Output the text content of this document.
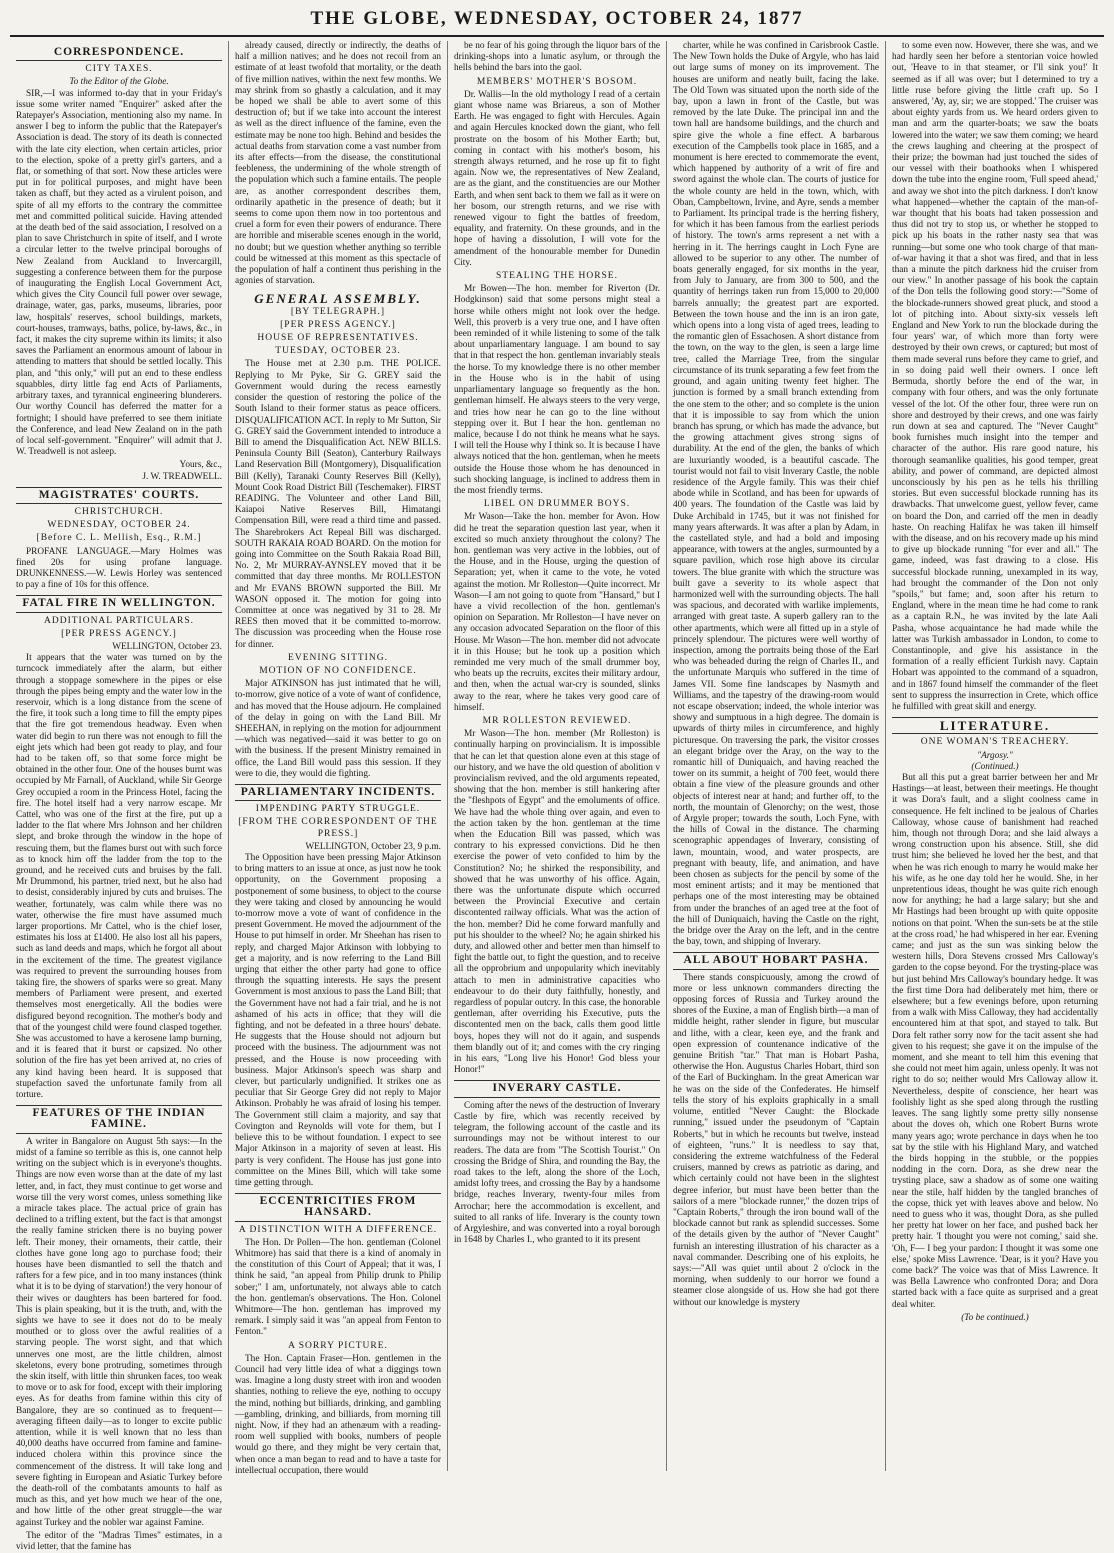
THE GLOBE, WEDNESDAY, OCTOBER 24, 1877
CORRESPONDENCE.
CITY TAXES.
To the Editor of the Globe.

SIR,—I was informed to-day that in your Friday's issue some writer named "Enquirer" asked after the Ratepayer's Association, mentioning also my name. In answer I beg to inform the public that the Ratepayer's Association is dead. The story of its death is connected with the late city election, when certain articles, prior to the election, spoke of a pretty girl's garters, and a flat, or something of that sort. Now these articles were put in for political purposes, and might have been taken as chaff, but they acted as a virulent poison, and spite of all my efforts to the contrary the committee met and committed political suicide. Having attended at the death bed of the said association, I resolved on a plan to save Christchurch in spite of itself, and I wrote a circular letter to the twelve principal boroughs of New Zealand from Auckland to Invercargill, suggesting a conference between them for the purpose of inaugurating the English Local Government Act, which gives the City Council full power over sewage, drainage, water, gas, parks, museums, libraries, poor law, hospitals' reserves, school buildings, markets, court-houses, tramways, baths, police, by-laws, &c., in fact, it makes the city supreme within its limits; it also saves the Parliament an enormous amount of labour in attending to matters that should be settled locally. This plan, and "this only," will put an end to these endless squabbles, dirty little fag end Acts of Parliaments, arbitrary taxes, and tyrannical engineering blunderers. Our worthy Council has deferred the matter for a fortnight; I should have preferred to see them initiate the Conference, and lead New Zealand on in the path of local self-government. "Enquirer" will admit that J. W. Treadwell is not asleep.

Yours, &c.,
J. W. TREADWELL.
MAGISTRATES' COURTS.
CHRISTCHURCH.
WEDNESDAY, OCTOBER 24.
[Before C. L. Mellish, Esq., R.M.]

PROFANE LANGUAGE.—Mary Holmes was fined 20s for using profane language. DRUNKENNESS.—W. Lewis Horley was sentenced to pay a fine of 10s for this offence.

FATAL FIRE IN WELLINGTON.
ADDITIONAL PARTICULARS.
[PER PRESS AGENCY.]
WELLINGTON, October 23.

It appears that the water was turned on by the turncock immediately after the alarm, but either through a stoppage somewhere in the pipes or else through the pipes being empty and the water low in the reservoir, which is a long distance from the scene of the fire, it took such a long time to fill the empty pipes that the fire got tremendous headway. Even when water did begin to run there was not enough to fill the eight jets which had been got ready to play, and four had to be taken off, so that some force might be obtained in the other four. One of the houses burnt was occupied by Mr Farnall, of Auckland, while Sir George Grey occupied a room in the Princess Hotel, facing the fire. The hotel itself had a very narrow escape. Mr Cattel, who was one of the first at the fire, put up a ladder to the flat where Mrs Johnson and her children slept, and broke through the window in the hope of rescuing them, but the flames burst out with such force as to knock him off the ladder from the top to the ground, and he received cuts and bruises by the fall. Mr Drummond, his partner, tried next, but he also had to desist, considerably injured by cuts and bruises. The weather, fortunately, was calm while there was no water, otherwise the fire must have assumed much larger proportions. Mr Cattel, who is the chief loser, estimates his loss at £1400. He also lost all his papers, such as land deeds and maps, which he forgot all about in the excitement of the time. The greatest vigilance was required to prevent the surrounding houses from taking fire, the showers of sparks were so great. Many members of Parliament were present, and exerted themselves most energetically. All the bodies were disfigured beyond recognition. The mother's body and that of the youngest child were found clasped together. She was accustomed to have a kerosene lamp burning, and it is feared that it burst or capsized. No other solution of the fire has yet been arrived at, no cries of any kind having been heard. It is supposed that stupefaction saved the unfortunate family from all torture.

FEATURES OF THE INDIAN FAMINE.

A writer in Bangalore on August 5th says:—In the midst of a famine so terrible as this is, one cannot help writing on the subject which is in everyone's thoughts. Things are now even worse than at the date of my last letter, and, in fact, they must continue to get worse and worse till the very worst comes, unless something like a miracle takes place. The actual price of grain has declined to a trifling extent, but the fact is that amongst the really famine stricken there is no buying power left. Their money, their ornaments, their cattle, their clothes have gone long ago to purchase food; their houses have been dismantled to sell the thatch and rafters for a few pice, and in too many instances (think what it is to be dying of starvation!) the very honour of their wives or daughters has been bartered for food. This is plain speaking, but it is the truth, and, with the sights we have to see it does not do to be mealy mouthed or to gloss over the awful realities of a starving people. The worst sight, and that which unnerves one most, are the little children, almost skeletons, every bone protruding, sometimes through the skin itself, with little thin shrunken faces, too weak to move or to ask for food, except with their imploring eyes. As for deaths from famine within this city of Bangalore, they are so continued as to frequent—averaging fifteen daily—as to longer to excite public attention, while it is well known that no less than 40,000 deaths have occurred from famine and famine-induced cholera within this province since the commencement of the distress. It will take long and severe fighting in European and Asiatic Turkey before the death-roll of the combatants amounts to half as much as this, and yet how much we hear of the one, and how little of the other great struggle—the war against Turkey and the nobler war against Famine.

The editor of the "Madras Times" estimates, in a vivid letter, that the famine has

already caused, directly or indirectly, the deaths of half a million natives; and he does not recoil from an estimate of at least twofold that mortality, or the death of five million natives, within the next few months. We may shrink from so ghastly a calculation, and it may be hoped we shall be able to avert some of this destruction of; but if we take into account the interest as well as the direct influence of the famine, even the estimate may be none too high. Behind and besides the actual deaths from starvation come a vast number from its after effects—from the disease, the constitutional feebleness, the undermining of the whole strength of the population which such a famine entails. The people are, as another correspondent describes them, ordinarily apathetic in the presence of death; but it seems to come upon them now in too portentous and cruel a form for even their powers of endurance. There are horrible and miserable scenes enough in the world, no doubt; but we question whether anything so terrible could be witnessed at this moment as this spectacle of the population of half a continent thus perishing in the agonies of starvation.

GENERAL ASSEMBLY.
[BY TELEGRAPH.]
[PER PRESS AGENCY.]
HOUSE OF REPRESENTATIVES.
TUESDAY, OCTOBER 23.

The House met at 2.30 p.m. THE POLICE. Replying to Mr Pyke, Sir G. GREY said the Government would during the recess earnestly consider the question of restoring the police of the South Island to their former status as peace officers. DISQUALIFICATION ACT. In reply to Mr Sutton, Sir G. GREY said the Government intended to introduce a Bill to amend the Disqualification Act. NEW BILLS. Peninsula County Bill (Seaton), Canterbury Railways Land Reservation Bill (Montgomery), Disqualification Bill (Kelly), Taranaki County Reserves Bill (Kelly), Mount Cook Road District Bill (Teschemaker). FIRST READING. The Volunteer and other Land Bill, Kaiapoi Native Reserves Bill, Himatangi Compensation Bill, were read a third time and passed. The Sharebrokers Act Repeal Bill was discharged. SOUTH RAKAIA ROAD BOARD. On the motion for going into Committee on the South Rakaia Road Bill, No. 2, Mr MURRAY-AYNSLEY moved that it be committed that day three months. Mr ROLLESTON and Mr EVANS BROWN supported the Bill. Mr WASON opposed it. The motion for going into Committee at once was negatived by 31 to 28. Mr REES then moved that it be committed to-morrow. The discussion was proceeding when the House rose for dinner.

EVENING SITTING.
MOTION OF NO CONFIDENCE.

Major ATKINSON has just intimated that he will, to-morrow, give notice of a vote of want of confidence, and has moved that the House adjourn. He complained of the delay in going on with the Land Bill. Mr SHEEHAN, in replying on the motion for adjournment—which was negatived—said it was better to go on with the business. If the present Ministry remained in office, the Land Bill would pass this session. If they were to die, they would die fighting.

PARLIAMENTARY INCIDENTS.
IMPENDING PARTY STRUGGLE.
[FROM THE CORRESPONDENT OF THE PRESS.]
WELLINGTON, October 23, 9 p.m.

The Opposition have been pressing Major Atkinson to bring matters to an issue at once, as just now he took opportunity, on the Government proposing a postponement of some business, to object to the course they were taking and closed by announcing he would to-morrow move a vote of want of confidence in the present Government. He moved the adjournment of the House to put himself in order. Mr Sheehan has risen to reply, and charged Major Atkinson with lobbying to get a majority, and is now referring to the Land Bill urging that either the other party had gone to office through the squatting interests. He says the present Government is most anxious to pass the Land Bill; that the Government have not had a fair trial, and he is not ashamed of his acts in office; that they will die fighting, and not be defeated in a three hours' debate. He suggests that the House should not adjourn but proceed with the business. The adjournment was not pressed, and the House is now proceeding with business. Major Atkinson's speech was sharp and clever, but particularly undignified. It strikes one as peculiar that Sir George Grey did not reply to Major Atkinson. Probably he was afraid of losing his temper. The Government still claim a majority, and say that Covington and Reynolds will vote for them, but I believe this to be without foundation. I expect to see Major Atkinson in a majority of seven at least. His party is very confident. The House has just gone into committee on the Mines Bill, which will take some time getting through.

ECCENTRICITIES FROM HANSARD.
A DISTINCTION WITH A DIFFERENCE.

The Hon. Dr Pollen—The hon. gentleman (Colonel Whitmore) has said that there is a kind of anomaly in the constitution of this Court of Appeal; that it was, I think he said, "an appeal from Philip drunk to Philip sober;" I am, unfortunately, not always able to catch the hon. gentleman's observations. The Hon. Colonel Whitmore—The hon. gentleman has improved my remark. I simply said it was "an appeal from Fenton to Fenton."

A SORRY PICTURE.

The Hon. Captain Fraser—Hon. gentlemen in the Council had very little idea of what a diggings town was. Imagine a long dusty street with iron and wooden shanties, nothing to relieve the eye, nothing to occupy the mind, nothing but billiards, drinking, and gambling—gambling, drinking, and billiards, from morning till night. Now, if they had an athenæum with a reading-room well supplied with books, numbers of people would go there, and they might be very certain that, when once a man began to read and to have a taste for intellectual occupation, there would

be no fear of his going through the liquor bars of the drinking-shops into a lunatic asylum, or through the hells behind the bars into the gaol.

MEMBERS' MOTHER'S BOSOM.

Dr. Wallis—In the old mythology I read of a certain giant whose name was Briareus, a son of Mother Earth. He was engaged to fight with Hercules. Again and again Hercules knocked down the giant, who fell prostrate on the bosom of his Mother Earth; but, coming in contact with his mother's bosom, his strength always returned, and he rose up fit to fight again. Now we, the representatives of New Zealand, are as the giant, and the constituencies are our Mother Earth, and when sent back to them we fall as it were on her bosom, our strength returns, and we rise with renewed vigour to fight the battles of freedom, equality, and fraternity. On these grounds, and in the hope of having a dissolution, I will vote for the amendment of the honourable member for Dunedin City.

STEALING THE HORSE.

Mr Bowen—The hon. member for Riverton (Dr. Hodgkinson) said that some persons might steal a horse while others might not look over the hedge. Well, this proverb is a very true one, and I have often been reminded of it while listening to some of the talk about unparliamentary language. I am bound to say that in that respect the hon. gentleman invariably steals the horse. To my knowledge there is no other member in the House who is in the habit of using unparliamentary language so frequently as the hon. gentleman himself. He always steers to the very verge, and tries how near he can go to the line without stepping over it. But I hear the hon. gentleman no malice, because I do not think he means what he says. I will tell the House why I think so. It is because I have always noticed that the hon. gentleman, when he meets outside the House those whom he has denounced in such shocking language, is inclined to address them in the most friendly terms.

LIBEL ON DRUMMER BOYS.

Mr Wason—Take the hon. member for Avon. How did he treat the separation question last year, when it excited so much anxiety throughout the colony? The hon. gentleman was very active in the lobbies, out of the House, and in the House, urging the question of Separation; yet, when it came to the vote, he voted against the motion. Mr Rolleston—Quite incorrect. Mr Wason—I am not going to quote from "Hansard," but I have a vivid recollection of the hon. gentleman's opinion on Separation. Mr Rolleston—I have never on any occasion advocated Separation on the floor of this House. Mr Wason—The hon. member did not advocate it in this House; but he took up a position which reminded me very much of the small drummer boy, who beats up the recruits, excites their military ardour, and then, when the actual war-cry is sounded, slinks away to the rear, where he takes very good care of himself.

MR ROLLESTON REVIEWED.

Mr Wason—The hon. member (Mr Rolleston) is continually harping on provincialism. It is impossible that he can let that question alone even at this stage of our history, and we have the old question of abolition v provincialism revived, and the old arguments repeated, showing that the hon. member is still hankering after the "fleshpots of Egypt" and the emoluments of office. We have had the whole thing over again, and even to the action taken by the hon. gentleman at the time when the Education Bill was passed, which was contrary to his expressed convictions. Did he then exercise the power of veto confided to him by the Constitution? No; he shirked the responsibility, and showed that he was unworthy of his office. Again, there was the unfortunate dispute which occurred between the Provincial Executive and certain discontented railway officials. What was the action of the hon. member? Did he come forward manfully and put his shoulder to the wheel? No; he again shirked his duty, and allowed other and better men than himself to fight the battle out, to fight the question, and to receive all the opprobrium and unpopularity which inevitably attach to men in administrative capacities who endeavour to do their duty faithfully, honestly, and regardless of popular outcry. In this case, the honorable gentleman, after overriding his Executive, puts the discontented men on the back, calls them good little boys, hopes they will not do it again, and suspends them blandly out of it; and comes with the cry ringing in his ears, "Long live his Honor! God bless your Honor!"

INVERARY CASTLE.

Coming after the news of the destruction of Inverary Castle by fire, which was recently received by telegram, the following account of the castle and its surroundings may not be without interest to our readers. The data are from "The Scottish Tourist." On crossing the Bridge of Shira, and rounding the Bay, the road takes to the left, along the shore of the Loch, amidst lofty trees, and crossing the Bay by a handsome bridge, reaches Inverary, twenty-four miles from Arrochar; here the accommodation is excellent, and suited to all ranks of life. Inverary is the county town of Argyleshire, and was converted into a royal borough in 1648 by Charles I., who granted to it its present

charter, while he was confined in Carisbrook Castle. The New Town holds the Duke of Argyle, who has laid out large sums of money on its improvement. The houses are uniform and neatly built, facing the lake. The Old Town was situated upon the north side of the bay, upon a lawn in front of the Castle, but was removed by the late Duke. The principal inn and the town hall are handsome buildings, and the church and spire give the whole a fine effect. A barbarous execution of the Campbells took place in 1685, and a monument is here erected to commemorate the event, which happened by authority of a writ of fire and sword against the whole clan. The courts of justice for the whole county are held in the town, which, with Oban, Campbeltown, Irvine, and Ayre, sends a member to Parliament. Its principal trade is the herring fishery, for which it has been famous from the earliest periods of history. The town's arms represent a net with a herring in it. The herrings caught in Loch Fyne are allowed to be superior to any other. The number of boats generally engaged, for six months in the year, from July to January, are from 300 to 500, and the quantity of herrings taken run from 15,000 to 20,000 barrels annually; the greatest part are exported. Between the town house and the inn is an iron gate, which opens into a long vista of aged trees, leading to the romantic glen of Essachosen. A short distance from the town, on the way to the glen, is seen a large lime tree, called the Marriage Tree, from the singular circumstance of its trunk separating a few feet from the ground, and again uniting twenty feet higher. The junction is formed by a small branch extending from the one stem to the other; and so complete is the union that it is impossible to say from which the union branch has sprung, or which has made the advance, but the growing attachment gives strong signs of durability. At the end of the glen, the banks of which are luxuriantly wooded, is a beautiful cascade. The tourist would not fail to visit Inverary Castle, the noble residence of the Argyle family. This was their chief abode while in Scotland, and has been for upwards of 400 years. The foundation of the Castle was laid by Duke Archibald in 1745, but it was not finished for many years afterwards. It was after a plan by Adam, in the castellated style, and had a bold and imposing appearance, with towers at the angles, surmounted by a square pavilion, which rose high above its circular towers. The blue granite with which the structure was built gave a severity to its whole aspect that harmonized well with the surrounding objects. The hall was spacious, and decorated with warlike implements, arranged with great taste. A superb gallery ran to the other apartments, which were all fitted up in a style of princely splendour. The pictures were well worthy of inspection, among the portraits being those of the Earl who was beheaded during the reign of Charles II., and the unfortunate Marquis who suffered in the time of James VII. Some fine landscapes by Nasmyth and Williams, and the tapestry of the drawing-room would not escape observation; indeed, the whole interior was showy and sumptuous in a high degree. The domain is upwards of thirty miles in circumference, and highly picturesque. On traversing the park, the visitor crosses an elegant bridge over the Aray, on the way to the romantic hill of Duniquaich, and having reached the tower on its summit, a height of 700 feet, would there obtain a fine view of the pleasure grounds and other objects of interest near at hand; and further off, to the north, the mountain of Glenorchy; on the west, those of Argyle proper; towards the south, Loch Fyne, with the hills of Cowal in the distance. The charming scenographic appendages of Inverary, consisting of lawn, mountain, wood, and water prospects, are pregnant with beauty, life, and animation, and have been chosen as subjects for the pencil by some of the most eminent artists; and it may be mentioned that perhaps one of the most interesting may be obtained from under the branches of an aged tree at the foot of the hill of Duniquaich, having the Castle on the right, the bridge over the Aray on the left, and in the centre the bay, town, and shipping of Inverary.

ALL ABOUT HOBART PASHA.

There stands conspicuously, among the crowd of more or less unknown commanders directing the opposing forces of Russia and Turkey around the shores of the Euxine, a man of English birth—a man of middle height, rather slender in figure, but muscular and lithe, with a clear, keen eye, and the frank and open expression of countenance indicative of the genuine British "tar." That man is Hobart Pasha, otherwise the Hon. Augustus Charles Hobart, third son of the Earl of Buckingham. In the great American war he was on the side of the Confederates. He himself tells the story of his exploits graphically in a small volume, entitled "Never Caught: the Blockade running," issued under the pseudonym of "Captain Roberts," but in which he recounts but twelve, instead of eighteen, "runs." It is needless to say that, considering the extreme watchfulness of the Federal cruisers, manned by crews as patriotic as daring, and which certainly could not have been in the slightest degree inferior, but must have been better than the sailors of a mere "blockade runner," the dozen trips of "Captain Roberts," through the iron bound wall of the blockade cannot but rank as splendid successes. Some of the details given by the author of "Never Caught" furnish an interesting illustration of his character as a naval commander. Describing one of his exploits, he says:—"All was quiet until about 2 o'clock in the morning, when suddenly to our horror we found a steamer close alongside of us. How she had got there without our knowledge is mystery

to some even now. However, there she was, and we had hardly seen her before a stentorian voice howled out, 'Heave to in that steamer, or I'll sink you!' It seemed as if all was over; but I determined to try a little ruse before giving the little craft up. So I answered, 'Ay, ay, sir; we are stopped.' The cruiser was about eighty yards from us. We heard orders given to man and arm the quarter-boats; we saw the boats lowered into the water; we saw them coming; we heard the crews laughing and cheering at the prospect of their prize; the bowman had just touched the sides of our vessel with their boathooks when I whispered down the tube into the engine room, 'Full speed ahead,' and away we shot into the pitch darkness. I don't know what happened—whether the captain of the man-of-war thought that his boats had taken possession and thus did not try to stop us, or whether he stopped to pick up his boats in the rather nasty sea that was running—but some one who took charge of that man-of-war having it that a shot was fired, and that in less than a minute the pitch darkness hid the cruiser from our view." In another passage of his book the captain of the Don tells the following good story:—"Some of the blockade-runners showed great pluck, and stood a lot of pitching into. About sixty-six vessels left England and New York to run the blockade during the four years' war, of which more than forty were destroyed by their own crews, or captured; but most of them made several runs before they came to grief, and in so doing paid well their owners. I once left Bermuda, shortly before the end of the war, in company with four others, and was the only fortunate vessel of the lot. Of the other four, three were run on shore and destroyed by their crews, and one was fairly run down at sea and captured. The "Never Caught" book furnishes much insight into the temper and character of the author. His rare good nature, his thorough seamanlike qualities, his good temper, great ability, and power of command, are depicted almost unconsciously by his pen as he tells his thrilling stories. But even successful blockade running has its drawbacks. That unwelcome guest, yellow fever, came on board the Don, and carried off the men in deadly haste. On reaching Halifax he was taken ill himself with the disease, and on his recovery made up his mind to give up blockade running "for ever and all." The game, indeed, was fast drawing to a close. His successful blockade running, unexampled in its way, had brought the commander of the Don not only "spoils," but fame; and, soon after his return to England, where in the mean time he had come to rank as a captain R.N., he was invited by the late Aali Pasha, whose acquaintance he had made while the latter was Turkish ambassador in London, to come to Constantinople, and give his assistance in the formation of a really efficient Turkish navy. Captain Hobart was appointed to the command of a squadron, and in 1867 found himself the commander of the fleet sent to suppress the insurrection in Crete, which office he fulfilled with great skill and energy.

LITERATURE.
ONE WOMAN'S TREACHERY.
"Argosy."
(Continued.)

But all this put a great barrier between her and Mr Hastings—at least, between their meetings. He thought it was Dora's fault, and a slight coolness came in consequence. He felt inclined to be jealous of Charles Calloway, whose cause of banishment had reached him, though not through Dora; and she laid always a wrong construction upon his absence. Still, she did trust him; she believed he loved her the best, and that when he was rich enough to marry he would make her his wife, as he one day told her he would. She, in her unpretentious ideas, thought he was quite rich enough now for anything; he had a large salary; but she and Mr Hastings had been brought up with quite opposite notions on that point. 'When the sun-sets be at the stile at the cross road,' he had whispered in her ear. Evening came; and just as the sun was sinking below the western hills, Dora Stevens crossed Mrs Calloway's garden to the copse beyond. For the trysting-place was but just behind Mrs Calloway's boundary hedge. It was the first time Dora had deliberately met him, there or elsewhere; but a few evenings before, upon returning from a walk with Miss Calloway, they had accidentally encountered him at that spot, and stayed to talk. But Dora felt rather sorry now for the tacit assent she had given to his request; she gave it on the impulse of the moment, and she meant to tell him this evening that she could not meet him again, unless openly. It was not right to do so; neither would Mrs Calloway allow it. Nevertheless, despite of conscience, her heart was foolishly light as she sped along through the rustling leaves. The sang lightly some pretty silly nonsense about the doves oh, which one Robert Burns wrote many years ago; wrote perchance in days when he too sat by the stile with his Highland Mary, and watched the birds hopping in the stubble, or the poppies nodding in the corn. Dora, as she drew near the trysting place, saw a shadow as of some one waiting near the stile, half hidden by the tangled branches of the copse, thick yet with leaves above and below. No need to guess who it was, thought Dora, as she pulled her pretty hat lower on her face, and pushed back her pretty hair. 'I thought you were not coming,' said she. 'Oh, F— I beg your pardon: I thought it was some one else,' spoke Miss Lawrence. 'Dear, is it you? Have you come back?' The voice was that of Miss Lawrence. It was Bella Lawrence who confronted Dora; and Dora started back with a face quite as surprised and a great deal whiter.

(To be continued.)
